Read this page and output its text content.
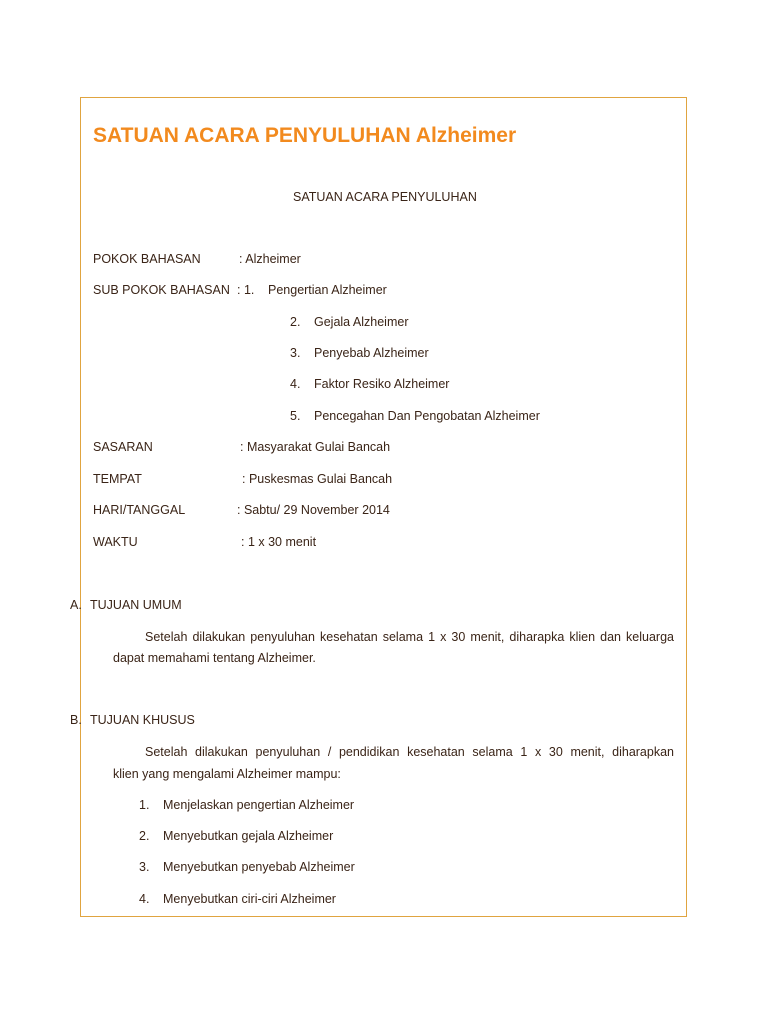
SATUAN ACARA PENYULUHAN Alzheimer
SATUAN ACARA PENYULUHAN
POKOK BAHASAN	: Alzheimer
SUB POKOK BAHASAN : 1. Pengertian Alzheimer
2. Gejala Alzheimer
3. Penyebab Alzheimer
4. Faktor Resiko Alzheimer
5. Pencegahan Dan Pengobatan Alzheimer
SASARAN	: Masyarakat Gulai Bancah
TEMPAT	: Puskesmas Gulai Bancah
HARI/TANGGAL	: Sabtu/ 29 November 2014
WAKTU	: 1 x 30 menit
A. TUJUAN UMUM
Setelah dilakukan penyuluhan kesehatan selama 1 x 30 menit, diharapka klien dan keluarga
dapat memahami tentang Alzheimer.
B. TUJUAN KHUSUS
Setelah dilakukan penyuluhan / pendidikan kesehatan selama 1 x 30 menit, diharapkan
klien yang mengalami Alzheimer mampu:
1. Menjelaskan pengertian Alzheimer
2. Menyebutkan gejala Alzheimer
3. Menyebutkan penyebab Alzheimer
4. Menyebutkan ciri-ciri Alzheimer
